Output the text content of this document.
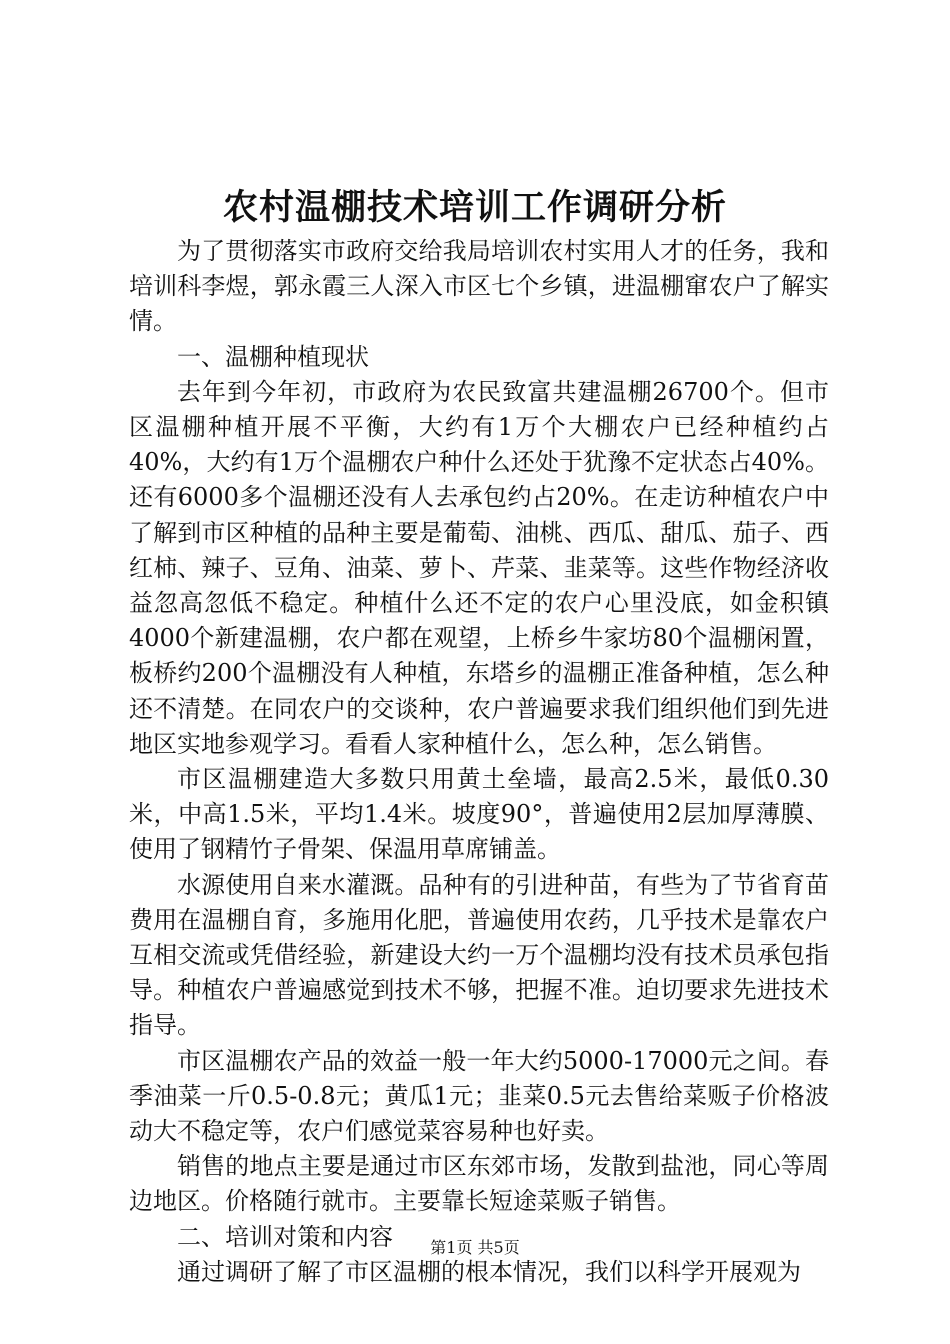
农村温棚技术培训工作调研分析

为了贯彻落实市政府交给我局培训农村实用人才的任务，我和培训科李煜，郭永霞三人深入市区七个乡镇，进温棚窜农户了解实情。

一、温棚种植现状

去年到今年初，市政府为农民致富共建温棚26700个。但市区温棚种植开展不平衡，大约有1万个大棚农户已经种植约占40%，大约有1万个温棚农户种什么还处于犹豫不定状态占40%。还有6000多个温棚还没有人去承包约占20%。在走访种植农户中了解到市区种植的品种主要是葡萄、油桃、西瓜、甜瓜、茄子、西红柿、辣子、豆角、油菜、萝卜、芹菜、韭菜等。这些作物经济收益忽高忽低不稳定。种植什么还不定的农户心里没底，如金积镇4000个新建温棚，农户都在观望，上桥乡牛家坊80个温棚闲置，板桥约200个温棚没有人种植，东塔乡的温棚正准备种植，怎么种还不清楚。在同农户的交谈种，农户普遍要求我们组织他们到先进地区实地参观学习。看看人家种植什么，怎么种，怎么销售。

市区温棚建造大多数只用黄土垒墙，最高2.5米，最低0.30米，中高1.5米，平均1.4米。坡度90°，普遍使用2层加厚薄膜、使用了钢精竹子骨架、保温用草席铺盖。

水源使用自来水灌溉。品种有的引进种苗，有些为了节省育苗费用在温棚自育，多施用化肥，普遍使用农药，几乎技术是靠农户互相交流或凭借经验，新建设大约一万个温棚均没有技术员承包指导。种植农户普遍感觉到技术不够，把握不准。迫切要求先进技术指导。

市区温棚农产品的效益一般一年大约5000-17000元之间。春季油菜一斤0.5-0.8元；黄瓜1元；韭菜0.5元去售给菜贩子价格波动大不稳定等，农户们感觉菜容易种也好卖。

销售的地点主要是通过市区东郊市场，发散到盐池，同心等周边地区。价格随行就市。主要靠长短途菜贩子销售。

二、培训对策和内容

通过调研了解了市区温棚的根本情况，我们以科学开展观为

第1页 共5页
